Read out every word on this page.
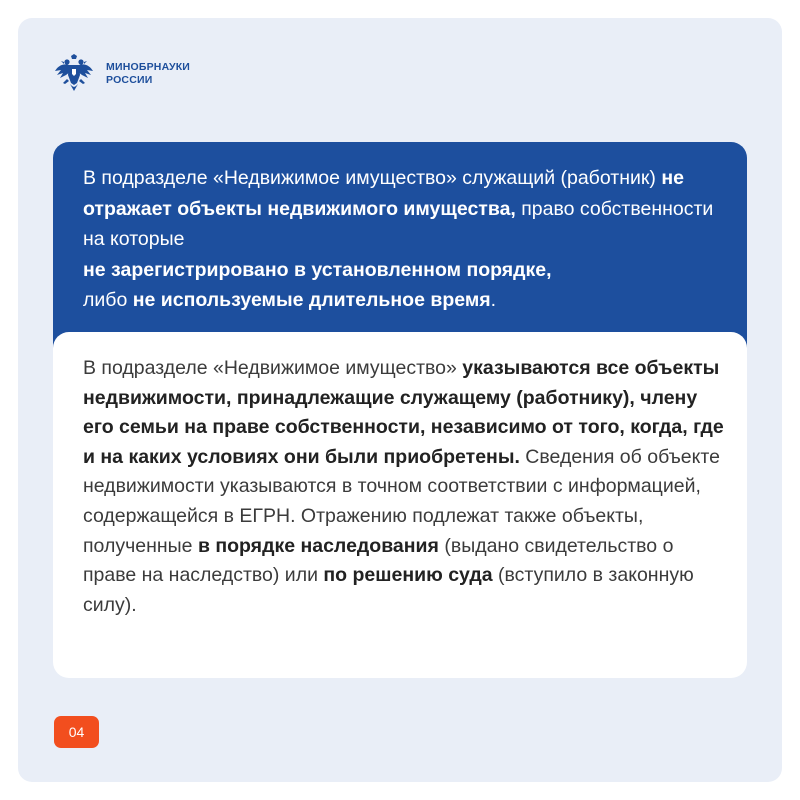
МИНОБРНАУКИ
РОССИИ
В подразделе «Недвижимое имущество» служащий (работник) не отражает объекты недвижимого имущества, право собственности на которые
не зарегистрировано в установленном порядке,
либо не используемые длительное время.
В подразделе «Недвижимое имущество» указываются все объекты недвижимости, принадлежащие служащему (работнику), члену его семьи на праве собственности, независимо от того, когда, где и на каких условиях они были приобретены. Сведения об объекте недвижимости указываются в точном соответствии с информацией, содержащейся в ЕГРН. Отражению подлежат также объекты, полученные в порядке наследования (выдано свидетельство о праве на наследство) или по решению суда (вступило в законную силу).
04
